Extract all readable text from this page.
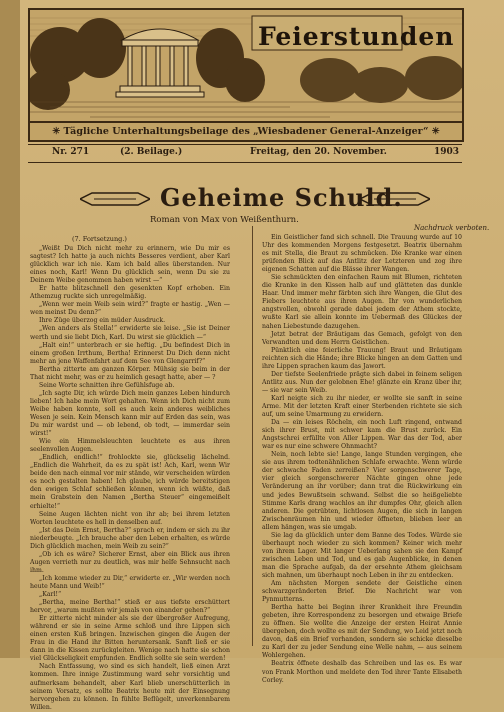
Feierstunden
✳ Tägliche Unterhaltungsbeilage des „Wiesbadener General-Anzeiger“ ✳
Nr. 271	(2. Beilage.)	Freitag, den 20. November.	1903
Geheime Schuld.
Roman von Max von Weißenthurn.
Nachdruck verboten.
(7. Fortsetzung.)

„Weißt Du Dich nicht mehr zu erinnern, wie Du mir es sagtest? Ich hatte ja auch nichts Besseres verdient, aber Karl glücklich war ich nie. Kam ich bald alles überstanden. Nur eines noch, Karl! Wenn Du glücklich sein, wenn Du sie zu Deinem Weibe genommen haben wirst —“

Er hatte blitzschnell den gesenkten Kopf erhoben. Ein Athemzug ruckte sich unregelmäßig.

„Wenn wer mein Weib sein wird?“ fragte er hastig. „Wen — wen meinst Du denn?“

Ihre Züge überzog ein müder Ausdruck.

„Wen anders als Stella!“ erwiderte sie leise. „Sie ist Deiner werth und sie liebt Dich, Karl. Du wirst sie glücklich —“

„Halt ein!“ unterbrach er sie heftig. „Du befindest Dich in einem großen Irrthum, Bertha! Erinnerst Du Dich denn nicht mehr an jene Waffenfahrt auf dem See von Glengarrif?“

Bertha zitterte am ganzen Körper. Mühsig sie beim in der That nicht mehr, was er zu heimlich gesagt hatte, aber — ?

Seine Worte schnitten ihre Gefühlsfuge ab.

„Ich sagte Dir, ich würde Dich mein ganzes Leben hindurch lieben! Ich habe mein Wort gehalten. Wenn ich Dich nicht zum Weibe haben konnte, soll es auch kein anderes weibliches Wesen je sein. Kein Mensch kann mir auf Erden das sein, was Du mir wardst und — ob lebend, ob todt, — immerdar sein wirst!“

Wie ein Himmelsleuchten leuchtete es aus ihren seelenvollen Augen.

„Endlich, endlich!“ frohlockte sie, glückselig lächelnd. „Endlich die Wahrheit, da es zu spät ist! Ach, Karl, wenn Wir beide den nach einmal vor mir stände, wir verscheiden würden es noch gestalten haben! Ich glaube, ich würde bereitstigen den ewigen Schlaf schließen können, wenn ich wüßte, daß mein Grabstein den Namen „Bertha Steuer“ eingemeißelt erhielte!“

Seine Augen lächten nicht von ihr ab; bei ihrem letzten Worten leuchtete es hell in denselben auf.

„Ist das Dein Ernst, Bertha?“ sprach er, indem er sich zu ihr niederbeugte. „Ich brauche aber den Leben erhalten, es würde Dich glücklich machen, mein Weib zu sein?“

„Ob ich es wäre? Sicherer Ernst, aber ein Blick aus ihren Augen verrieth nur zu deutlich, was mir helfe Sehnsucht nach ihm.

„Ich komme wieder zu Dir,“ erwiderte er. „Wir werden noch heute Mann und Weib!“

„Karl!“

„Bertha, meine Bertha!“ stieß er aus tiefste erschüttert hervor, „warum mußten wir jemals von einander gehen?“

Er zitterte nicht minder als sie der übergroßer Aufregung, während er sie in seine Arme schloß und ihre Lippen sich einen ersten Kuß bringen. Inzwischen gingen die Augen der Frau in die Hand ihr Bitten heruntersank. Sanft ließ er sie dann in die Kissen zurückgleiten. Wenige nach hatte sie schon viel Glückseligkeit empfunden. Endlich sollte sie sein werden!

Nach Entfassung, wo sind es sich handelt, ließ einen Arzt kommen. Ihre innige Zustimmung ward sehr vorsichtig und aufmerksam behandelt, aber Karl blieb unerschütterlich in seinem Vorsatz, es sollte Beatrix heute mit der Einsegnung hervorgehen zu können. In fühlte Beflügelt, unverkennbarem Willen.

Ein Geistlicher fand sich schnell. Die Trauung wurde auf 10 Uhr des kommenden Morgens festgesetzt. Beatrix übernahm es mit Stella, die Braut zu schmücken. Die Kranke war einen prüfenden Blick auf das Antlitz der Letzteren und zog ihre eigenen Schatten auf die Blässe ihrer Wangen.

Sie schmückten den einfachen Raum mit Blumen, richteten die Kranke in den Kissen halb auf und glätteten das dunkle Haar. Und immer mehr färbten sich ihre Wangen, die Glut des Fiebers leuchtete aus ihren Augen. Ihr von wunderlichen angstvollen, obwohl gerade dabei jedem der Athem stockte, wußte Karl sie allein konnte im Uebermaß des Glückes der nahen Liebestunde dazugehen.

Jetzt betrat der Bräutigam das Gemach, gefolgt von den Verwandten und dem Herrn Geistlichen.

Pünktlich eine feierliche Trauung! Braut und Bräutigam reichten sich die Hände; ihre Blicke hingen an dem Gatten und ihre Lippen sprachen kaum das Jawort.

Der tiefste Seelenfriede prägte sich dabei in feinem seligen Antlitz aus. Nun der gelobnen Ehe! glänzte ein Kranz über ihr, — sie war sein Weib.

Karl neigte sich zu ihr nieder, er wollte sie sanft in seine Arme. Mit der letzten Kraft einer Sterbenden richtete sie sich auf, um seine Umarmung zu erwidern.

Da — ein leises Röcheln, ein noch Luft ringend, entwand sich ihrer Brust, mit schwer kam die Brust zurück. Ein Angstschrei erfüllte von Aller Lippen. War das der Tod, aber war es nur eine schwere Ohnmacht?

Nein, noch lebte sie! Lange, lange Stunden vergingen, ehe sie aus ihrem todtenähnlichen Schlafe erwachte. Wenn würde der schwache Faden zerreißen? Vier sorgenschwerer Tage, vier gleich sorgenschwerer Nächte gingen ohne jede Veränderung an ihr vorüber; dann trat die Rückwirkung ein und jedes Bewußtsein schwand. Selbst die so heißgeliebte Stimme Karls drang wachlos an ihr dumpfes Ohr, gleich allen anderen. Die getrübten, lichtlosen Augen, die sich in langen Zwischenräumen hin und wieder öffneten, blieben leer an allem hängen, was sie umgab.

Sie lag da glücklich unter dem Banne des Todes. Würde sie überhaupt noch wieder zu sich kommen? Keiner wich mehr von ihrem Lager. Mit langer Ueberlang sahen sie den Kampf zwischen Leben und Tod, und es gab Augenblicke, in denen man die Sprache aufgab, da der ersehnte Athem gleichsam sich mahnen, um überhaupt noch Leben in ihr zu entdecken.

Am nächsten Morgen sendete der Geistliche einen schwarzgeränderten Brief. Die Nachricht war von Pynmutterns.

Bertha hatte bei Beginn ihrer Krankheit ihre Freundin gebeten, ihre Korrespondenz zu besorgen und etwaige Briefe zu öffnen. Sie wollte die Anzeige der ersten Heirat Annie übergeben, doch wollte es mit der Sendung, wo Leid jetzt noch davon, daß ein Brief vorhanden, sondern sie schicke dieselbe zu Karl der zu jeder Sendung eine Welle nahm, — aus seinem Wohlergehen.

Beatrix öffnete deshalb das Schreiben und las es. Es war von Frank Morthon und meldete den Tod ihrer Tante Elisabeth Corley.
